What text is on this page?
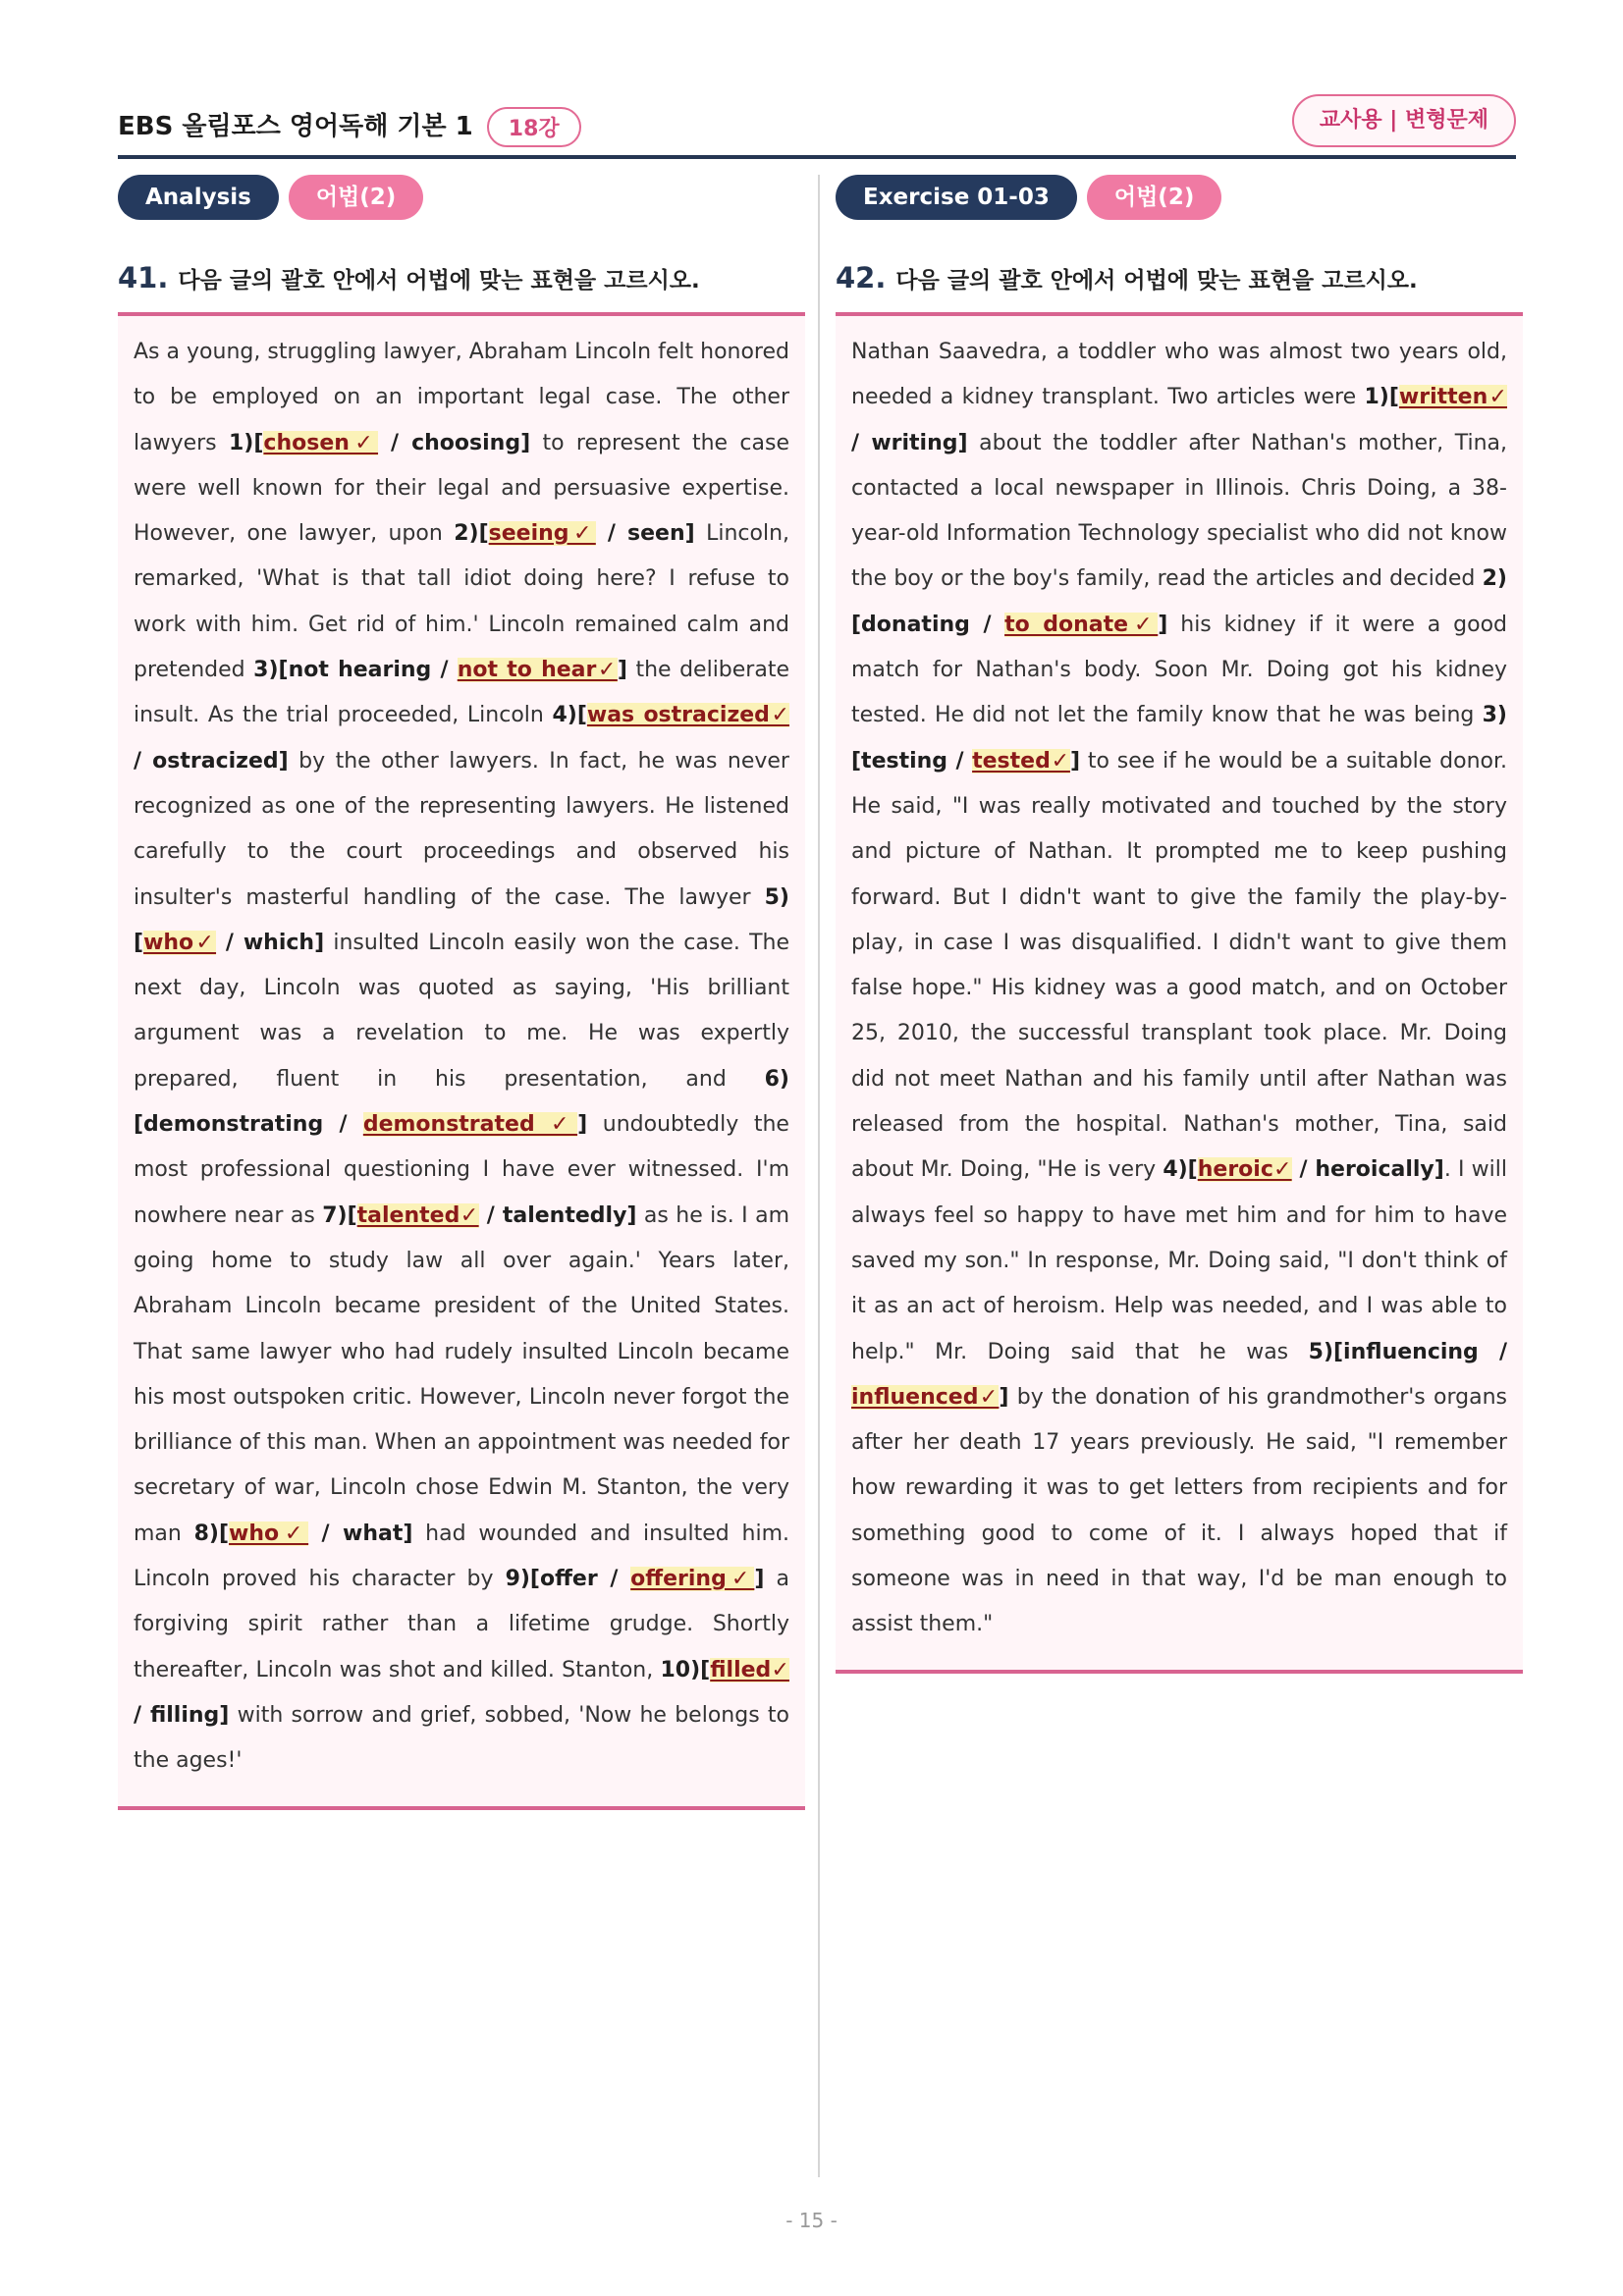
EBS 올림포스 영어독해 기본 1 18강	교사용 | 변형문제
Analysis	어법(2)
41. 다음 글의 괄호 안에서 어법에 맞는 표현을 고르시오.
As a young, struggling lawyer, Abraham Lincoln felt honored to be employed on an important legal case. The other lawyers 1)[chosen✓ / choosing] to represent the case were well known for their legal and persuasive expertise. However, one lawyer, upon 2)[seeing✓ / seen] Lincoln, remarked, 'What is that tall idiot doing here? I refuse to work with him. Get rid of him.' Lincoln remained calm and pretended 3)[not hearing / not to hear✓] the deliberate insult. As the trial proceeded, Lincoln 4)[was ostracized✓ / ostracized] by the other lawyers. In fact, he was never recognized as one of the representing lawyers. He listened carefully to the court proceedings and observed his insulter's masterful handling of the case. The lawyer 5)[who✓ / which] insulted Lincoln easily won the case. The next day, Lincoln was quoted as saying, 'His brilliant argument was a revelation to me. He was expertly prepared, fluent in his presentation, and 6)[demonstrating / demonstrated ✓] undoubtedly the most professional questioning I have ever witnessed. I'm nowhere near as 7)[talented✓ / talentedly] as he is. I am going home to study law all over again.' Years later, Abraham Lincoln became president of the United States. That same lawyer who had rudely insulted Lincoln became his most outspoken critic. However, Lincoln never forgot the brilliance of this man. When an appointment was needed for secretary of war, Lincoln chose Edwin M. Stanton, the very man 8)[who✓ / what] had wounded and insulted him. Lincoln proved his character by 9)[offer / offering✓] a forgiving spirit rather than a lifetime grudge. Shortly thereafter, Lincoln was shot and killed. Stanton, 10)[filled✓ / filling] with sorrow and grief, sobbed, 'Now he belongs to the ages!'
Exercise 01-03	어법(2)
42. 다음 글의 괄호 안에서 어법에 맞는 표현을 고르시오.
Nathan Saavedra, a toddler who was almost two years old, needed a kidney transplant. Two articles were 1)[written✓ / writing] about the toddler after Nathan's mother, Tina, contacted a local newspaper in Illinois. Chris Doing, a 38-year-old Information Technology specialist who did not know the boy or the boy's family, read the articles and decided 2)[donating / to donate✓] his kidney if it were a good match for Nathan's body. Soon Mr. Doing got his kidney tested. He did not let the family know that he was being 3)[testing / tested✓] to see if he would be a suitable donor. He said, "I was really motivated and touched by the story and picture of Nathan. It prompted me to keep pushing forward. But I didn't want to give the family the play-by-play, in case I was disqualified. I didn't want to give them false hope." His kidney was a good match, and on October 25, 2010, the successful transplant took place. Mr. Doing did not meet Nathan and his family until after Nathan was released from the hospital. Nathan's mother, Tina, said about Mr. Doing, "He is very 4)[heroic✓ / heroically]. I will always feel so happy to have met him and for him to have saved my son." In response, Mr. Doing said, "I don't think of it as an act of heroism. Help was needed, and I was able to help." Mr. Doing said that he was 5)[influencing / influenced✓] by the donation of his grandmother's organs after her death 17 years previously. He said, "I remember how rewarding it was to get letters from recipients and for something good to come of it. I always hoped that if someone was in need in that way, I'd be man enough to assist them."
- 15 -
